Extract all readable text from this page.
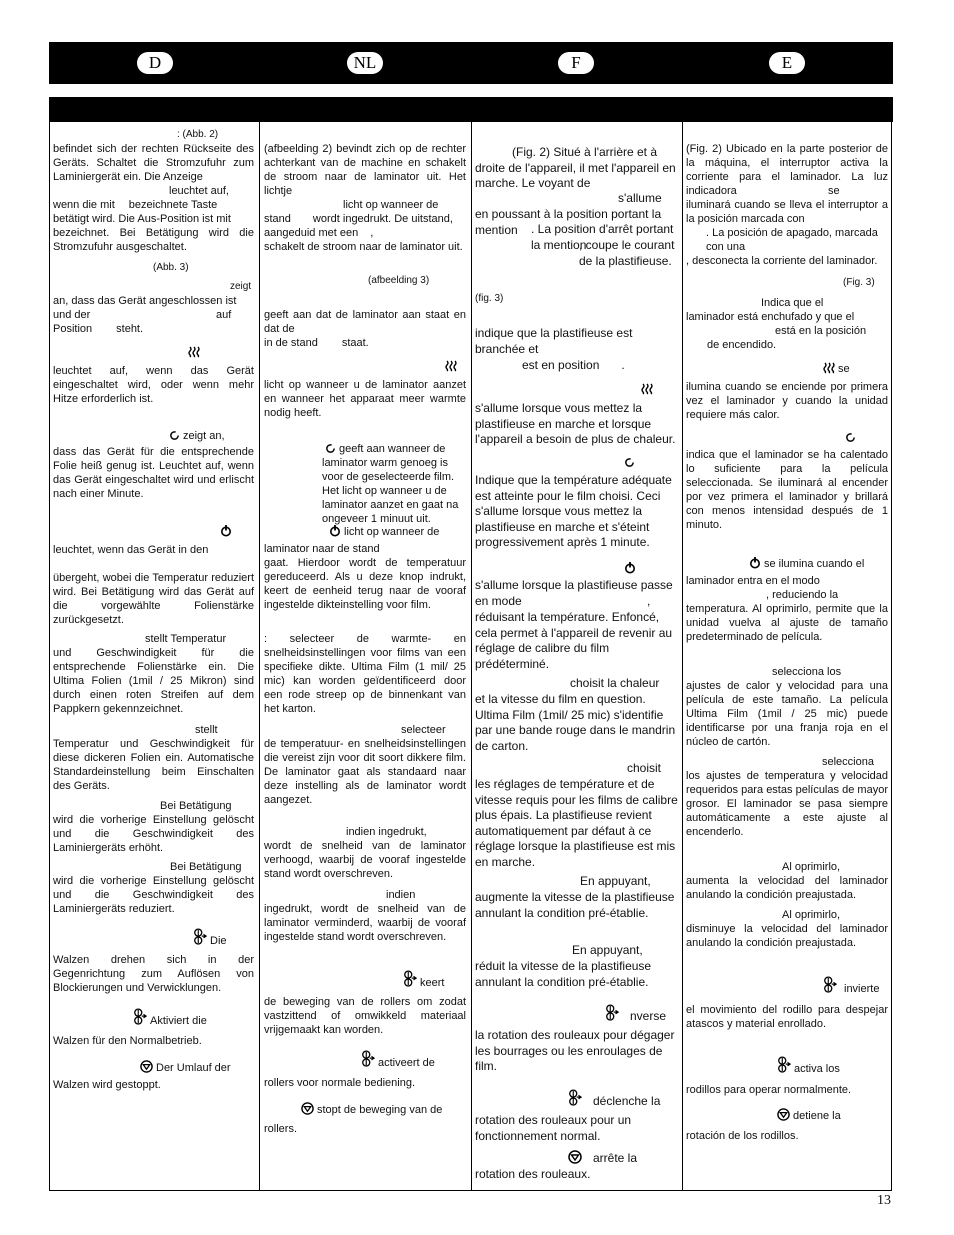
D	NL	F	E
: (Abb. 2)
befindet sich der rechten Rückseite des Geräts. Schaltet die Stromzufuhr zum Laminiergerät ein. Die Anzeige
leuchtet auf,
wenn die mit bezeichnete Taste betätigt wird. Die Aus-Position ist mit
bezeichnet. Bei Betätigung wird die Stromzufuhr ausgeschaltet.
(Abb. 3)
zeigt
an, dass das Gerät angeschlossen ist und der	auf
Position steht.
leuchtet auf, wenn das Gerät eingeschaltet wird, oder wenn mehr Hitze erforderlich ist.
zeigt an,
dass das Gerät für die entsprechende Folie heiß genug ist. Leuchtet auf, wenn das Gerät eingeschaltet wird und erlischt nach einer Minute.
leuchtet, wenn das Gerät in den
übergeht, wobei die Temperatur reduziert wird. Bei Betätigung wird das Gerät auf die vorgewählte Folienstärke zurückgesetzt.
stellt Temperatur
und Geschwindigkeit für die entsprechende Folienstärke ein. Die Ultima Folien (1mil / 25 Mikron) sind durch einen roten Streifen auf dem Pappkern gekennzeichnet.
stellt
Temperatur und Geschwindigkeit für diese dickeren Folien ein. Automatische Standardeinstellung beim Einschalten des Geräts.
Bei Betätigung
wird die vorherige Einstellung gelöscht und die Geschwindigkeit des Laminiergeräts erhöht.
Bei Betätigung
wird die vorherige Einstellung gelöscht und die Geschwindigkeit des Laminiergeräts reduziert.
Die
Walzen drehen sich in der Gegenrichtung zum Auflösen von Blockierungen und Verwicklungen.
Aktiviert die
Walzen für den Normalbetrieb.
Der Umlauf der
Walzen wird gestoppt.
(afbeelding 2) bevindt zich op de rechter achterkant van de machine en schakelt de stroom naar de laminator uit. Het lichtje
licht op wanneer de
stand wordt ingedrukt. De uitstand, aangeduid met een ,
schakelt de stroom naar de laminator uit.
(afbeelding 3)
geeft aan dat de laminator aan staat en dat de
in de stand staat.
licht op wanneer u de laminator aanzet en wanneer het apparaat meer warmte nodig heeft.
geeft aan wanneer de laminator warm genoeg is voor de geselecteerde film. Het licht op wanneer u de laminator aanzet en gaat na ongeveer 1 minuut uit.
licht op wanneer de
laminator naar de stand
gaat. Hierdoor wordt de temperatuur gereduceerd. Als u deze knop indrukt, keert de eenheid terug naar de vooraf ingestelde dikteinstelling voor film.
: selecteer de warmte- en snelheidsinstellingen voor films van een specifieke dikte. Ultima Film (1 mil/ 25 mic) kan worden geïdentificeerd door een rode streep op de binnenkant van het karton.
selecteer
de temperatuur- en snelheidsinstellingen die vereist zijn voor dit soort dikkere film. De laminator gaat als standaard naar deze instelling als de laminator wordt aangezet.
indien ingedrukt,
wordt de snelheid van de laminator verhoogd, waarbij de vooraf ingestelde stand wordt overschreven.
indien
ingedrukt, wordt de snelheid van de laminator verminderd, waarbij de vooraf ingestelde stand wordt overschreven.
keert
de beweging van de rollers om zodat vastzittend of omwikkeld materiaal vrijgemaakt kan worden.
activeert de
rollers voor normale bediening.
stopt de beweging van de
rollers.
(Fig. 2) Situé à l'arrière et à droite de l'appareil, il met l'appareil en marche. Le voyant de
s'allume
en poussant à la position portant la mention	. La position d'arrêt portant la mention
, coupe le courant de la plastifieuse.
(fig. 3)
indique que la plastifieuse est branchée et
est en position .
s'allume lorsque vous mettez la plastifieuse en marche et lorsque l'appareil a besoin de plus de chaleur.
Indique que la température adéquate est atteinte pour le film choisi. Ceci s'allume lorsque vous mettez la plastifieuse en marche et s'éteint progressivement après 1 minute.
s'allume lorsque la plastifieuse passe en mode	,
réduisant la température. Enfoncé, cela permet à l'appareil de revenir au réglage de calibre du film prédéterminé.
choisit la chaleur
et la vitesse du film en question. Ultima Film (1mil/ 25 mic) s'identifie par une bande rouge dans le mandrin de carton.
choisit
les réglages de température et de vitesse requis pour les films de calibre plus épais. La plastifieuse revient automatiquement par défaut à ce réglage lorsque la plastifieuse est mis en marche.
En appuyant,
augmente la vitesse de la plastifieuse annulant la condition pré-établie.
En appuyant,
réduit la vitesse de la plastifieuse annulant la condition pré-établie.
nverse
la rotation des rouleaux pour dégager les bourrages ou les enroulages de film.
déclenche la
rotation des rouleaux pour un fonctionnement normal.
arrête la
rotation des rouleaux.
(Fig. 2) Ubicado en la parte posterior de la máquina, el interruptor activa la corriente para el laminador. La luz indicadora	se
iluminará cuando se lleva el interruptor a la posición marcada con
. La posición de apagado, marcada con una
, desconecta la corriente del laminador.
(Fig. 3)
Indica que el
laminador está enchufado y que el
está en la posición
de encendido.
se
ilumina cuando se enciende por primera vez el laminador y cuando la unidad requiere más calor.
indica que el laminador se ha calentado lo suficiente para la película seleccionada. Se iluminará al encender por vez primera el laminador y brillará con menos intensidad después de 1 minuto.
se ilumina cuando el
laminador entra en el modo
, reduciendo la
temperatura. Al oprimirlo, permite que la unidad vuelva al ajuste de tamaño predeterminado de película.
selecciona los
ajustes de calor y velocidad para una película de este tamaño. La película Ultima Film (1mil / 25 mic) puede identificarse por una franja roja en el núcleo de cartón.
selecciona
los ajustes de temperatura y velocidad requeridos para estas películas de mayor grosor. El laminador se pasa siempre automáticamente a este ajuste al encenderlo.
Al oprimirlo,
aumenta la velocidad del laminador anulando la condición preajustada.
Al oprimirlo,
disminuye la velocidad del laminador anulando la condición preajustada.
invierte
el movimiento del rodillo para despejar atascos y material enrollado.
activa los
rodillos para operar normalmente.
detiene la
rotación de los rodillos.
13
